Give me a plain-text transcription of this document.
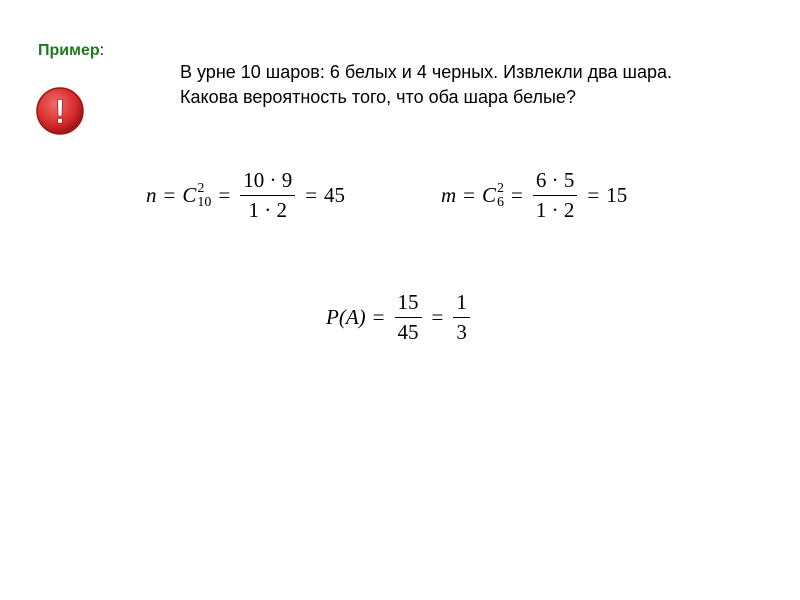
Пример:
!
В урне 10 шаров: 6 белых и 4 черных. Извлекли два шара.
Какова вероятность того, что оба шара белые?
n = C 2
$10 = \frac{10 \cdot 9}{1 \cdot 2} = 45$	m = C 2
$6 = \frac{6 \cdot 5}{1 \cdot 2} = 15$
$P(A) = \frac{15}{45} = \frac{1}{3}$
